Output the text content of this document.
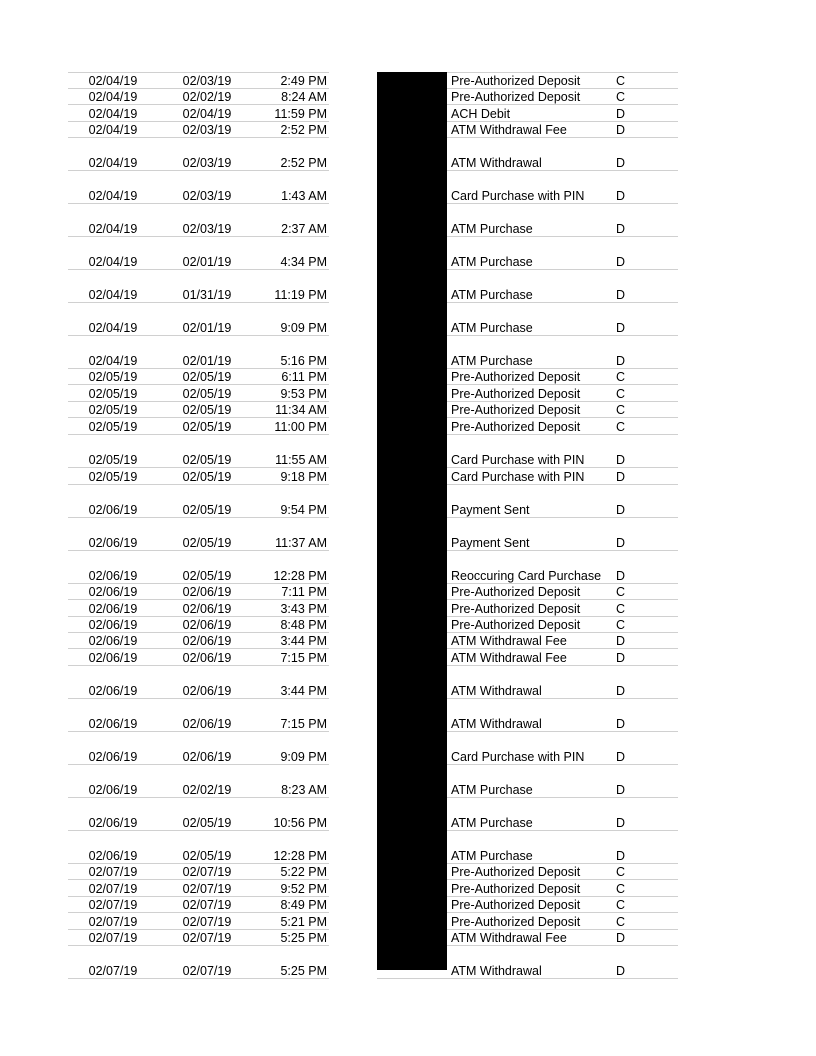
02/04/19	02/03/19	2:49 PM	Pre-Authorized Deposit	C
02/04/19	02/02/19	8:24 AM	Pre-Authorized Deposit	C
02/04/19	02/04/19	11:59 PM	ACH Debit	D
02/04/19	02/03/19	2:52 PM	ATM Withdrawal Fee	D
02/04/19	02/03/19	2:52 PM	ATM Withdrawal	D
02/04/19	02/03/19	1:43 AM	Card Purchase with PIN	D
02/04/19	02/03/19	2:37 AM	ATM Purchase	D
02/04/19	02/01/19	4:34 PM	ATM Purchase	D
02/04/19	01/31/19	11:19 PM	ATM Purchase	D
02/04/19	02/01/19	9:09 PM	ATM Purchase	D
02/04/19	02/01/19	5:16 PM	ATM Purchase	D
02/05/19	02/05/19	6:11 PM	Pre-Authorized Deposit	C
02/05/19	02/05/19	9:53 PM	Pre-Authorized Deposit	C
02/05/19	02/05/19	11:34 AM	Pre-Authorized Deposit	C
02/05/19	02/05/19	11:00 PM	Pre-Authorized Deposit	C
02/05/19	02/05/19	11:55 AM	Card Purchase with PIN	D
02/05/19	02/05/19	9:18 PM	Card Purchase with PIN	D
02/06/19	02/05/19	9:54 PM	Payment Sent	D
02/06/19	02/05/19	11:37 AM	Payment Sent	D
02/06/19	02/05/19	12:28 PM	Reoccuring Card Purchase D
02/06/19	02/06/19	7:11 PM	Pre-Authorized Deposit	C
02/06/19	02/06/19	3:43 PM	Pre-Authorized Deposit	C
02/06/19	02/06/19	8:48 PM	Pre-Authorized Deposit	C
02/06/19	02/06/19	3:44 PM	ATM Withdrawal Fee	D
02/06/19	02/06/19	7:15 PM	ATM Withdrawal Fee	D
02/06/19	02/06/19	3:44 PM	ATM Withdrawal	D
02/06/19	02/06/19	7:15 PM	ATM Withdrawal	D
02/06/19	02/06/19	9:09 PM	Card Purchase with PIN	D
02/06/19	02/02/19	8:23 AM	ATM Purchase	D
02/06/19	02/05/19	10:56 PM	ATM Purchase	D
02/06/19	02/05/19	12:28 PM	ATM Purchase	D
02/07/19	02/07/19	5:22 PM	Pre-Authorized Deposit	C
02/07/19	02/07/19	9:52 PM	Pre-Authorized Deposit	C
02/07/19	02/07/19	8:49 PM	Pre-Authorized Deposit	C
02/07/19	02/07/19	5:21 PM	Pre-Authorized Deposit	C
02/07/19	02/07/19	5:25 PM	ATM Withdrawal Fee	D
02/07/19	02/07/19	5:25 PM	ATM Withdrawal	D
